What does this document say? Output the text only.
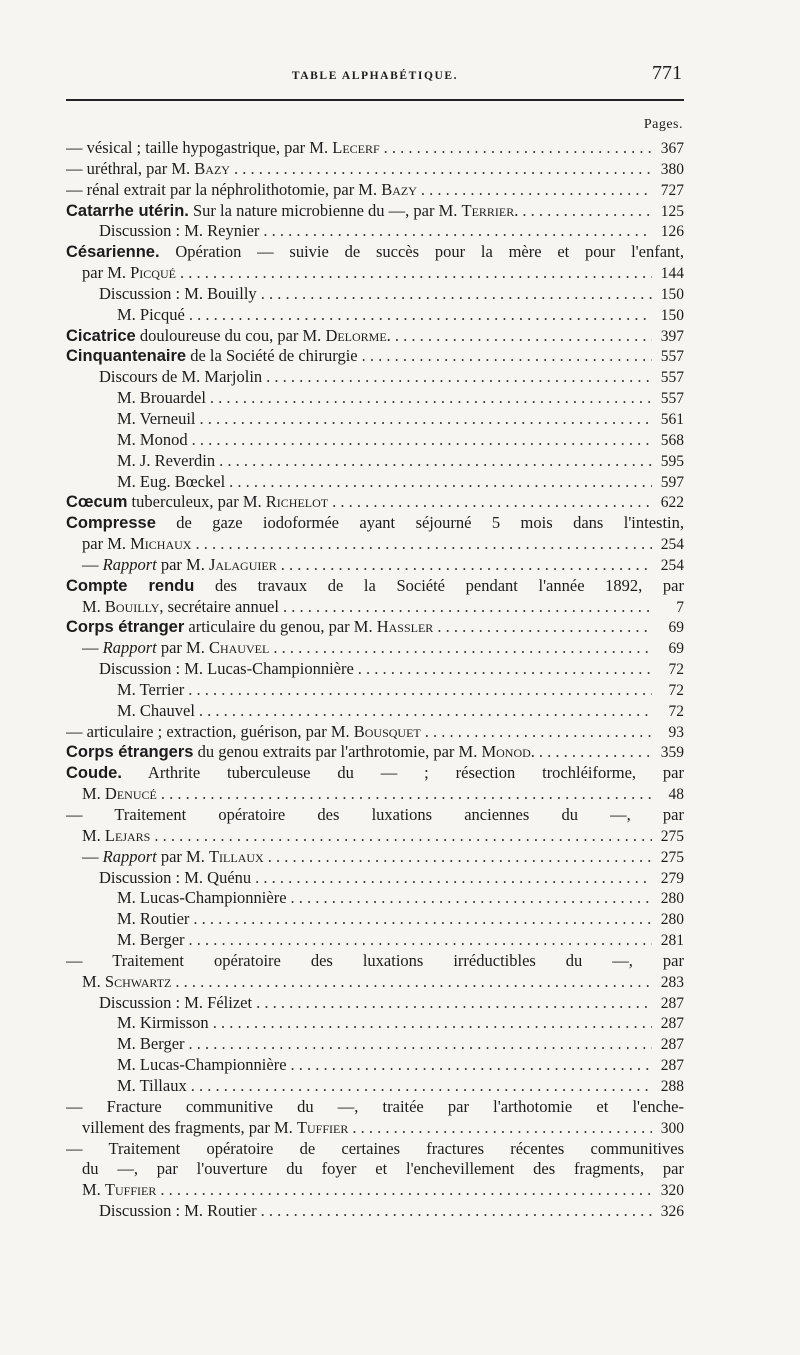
TABLE ALPHABÉTIQUE.	771
Pages.
— vésical ; taille hypogastrique, par M. Lecerf . . .	367
— uréthral, par M. Bazy . . .	380
— rénal extrait par la néphrolithotomie, par M. Bazy . . .	727
Catarrhe utérin. Sur la nature microbienne du —, par M. Terrier. . . .	125
Discussion : M. Reynier . . .	126
Césarienne. Opération — suivie de succès pour la mère et pour l'enfant,
par M. Picqué . . .	144
Discussion : M. Bouilly . . .	150
M. Picqué . . .	150
Cicatrice douloureuse du cou, par M. Delorme. . . .	397
Cinquantenaire de la Société de chirurgie . . .	557
Discours de M. Marjolin . . .	557
M. Brouardel . . .	557
M. Verneuil . . .	561
M. Monod . . .	568
M. J. Reverdin . . .	595
M. Eug. Bœckel . . .	597
Cœcum tuberculeux, par M. Richelot . . .	622
Compresse de gaze iodoformée ayant séjourné 5 mois dans l'intestin,
par M. Michaux . . .	254
— Rapport par M. Jalaguier . . .	254
Compte rendu des travaux de la Société pendant l'année 1892, par
M. Bouilly, secrétaire annuel . . .	7
Corps étranger articulaire du genou, par M. Hassler . . .	69
— Rapport par M. Chauvel . . .	69
Discussion : M. Lucas-Championnière . . .	72
M. Terrier . . .	72
M. Chauvel . . .	72
— articulaire ; extraction, guérison, par M. Bousquet . . .	93
Corps étrangers du genou extraits par l'arthrotomie, par M. Monod. . . .	359
Coude. Arthrite tuberculeuse du — ; résection trochléiforme, par
M. Denucé . . .	48
— Traitement opératoire des luxations anciennes du —, par
M. Lejars . . .	275
— Rapport par M. Tillaux . . .	275
Discussion : M. Quénu . . .	279
M. Lucas-Championnière . . .	280
M. Routier . . .	280
M. Berger . . .	281
— Traitement opératoire des luxations irréductibles du —, par
M. Schwartz . . .	283
Discussion : M. Félizet . . .	287
M. Kirmisson . . .	287
M. Berger . . .	287
M. Lucas-Championnière . . .	287
M. Tillaux . . .	288
— Fracture communitive du —, traitée par l'arthotomie et l'enche-
villement des fragments, par M. Tuffier . . .	300
— Traitement opératoire de certaines fractures récentes communitives
du —, par l'ouverture du foyer et l'enchevillement des fragments, par
M. Tuffier . . .	320
Discussion : M. Routier . . .	326
